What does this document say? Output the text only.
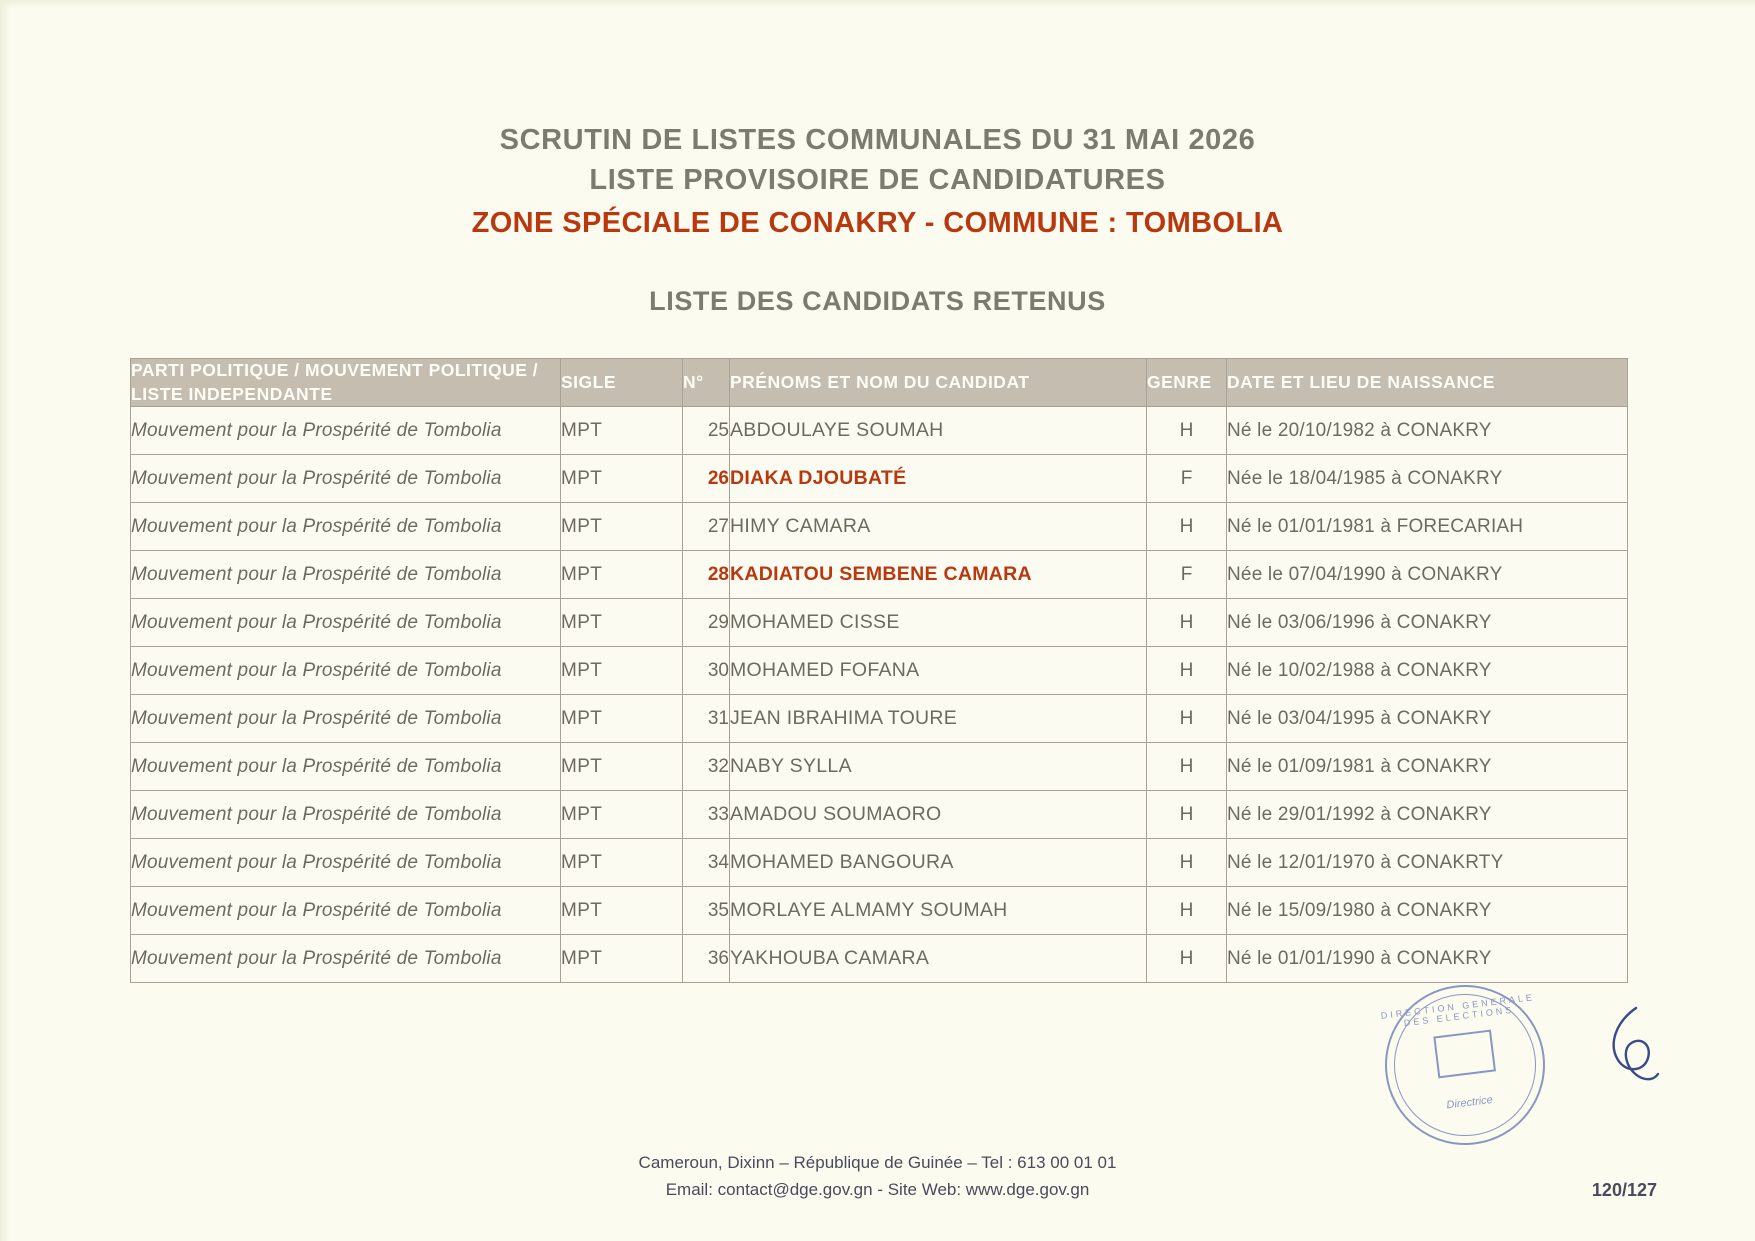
SCRUTIN DE LISTES COMMUNALES DU 31 MAI 2026
LISTE PROVISOIRE DE CANDIDATURES
ZONE SPÉCIALE DE CONAKRY - COMMUNE : TOMBOLIA
LISTE DES CANDIDATS RETENUS
PARTI POLITIQUE / MOUVEMENT POLITIQUE / LISTE INDEPENDANTE	SIGLE	N°	PRÉNOMS ET NOM DU CANDIDAT	GENRE	DATE ET LIEU DE NAISSANCE
Mouvement pour la Prospérité de Tombolia	MPT	25	ABDOULAYE SOUMAH	H	Né le 20/10/1982 à CONAKRY
Mouvement pour la Prospérité de Tombolia	MPT	26	DIAKA DJOUBATÉ	F	Née le 18/04/1985 à CONAKRY
Mouvement pour la Prospérité de Tombolia	MPT	27	HIMY CAMARA	H	Né le 01/01/1981 à FORECARIAH
Mouvement pour la Prospérité de Tombolia	MPT	28	KADIATOU SEMBENE CAMARA	F	Née le 07/04/1990 à CONAKRY
Mouvement pour la Prospérité de Tombolia	MPT	29	MOHAMED CISSE	H	Né le 03/06/1996 à CONAKRY
Mouvement pour la Prospérité de Tombolia	MPT	30	MOHAMED FOFANA	H	Né le 10/02/1988 à CONAKRY
Mouvement pour la Prospérité de Tombolia	MPT	31	JEAN IBRAHIMA TOURE	H	Né le 03/04/1995 à CONAKRY
Mouvement pour la Prospérité de Tombolia	MPT	32	NABY SYLLA	H	Né le 01/09/1981 à CONAKRY
Mouvement pour la Prospérité de Tombolia	MPT	33	AMADOU SOUMAORO	H	Né le 29/01/1992 à CONAKRY
Mouvement pour la Prospérité de Tombolia	MPT	34	MOHAMED BANGOURA	H	Né le 12/01/1970 à CONAKRTY
Mouvement pour la Prospérité de Tombolia	MPT	35	MORLAYE ALMAMY SOUMAH	H	Né le 15/09/1980 à CONAKRY
Mouvement pour la Prospérité de Tombolia	MPT	36	YAKHOUBA CAMARA	H	Né le 01/01/1990 à CONAKRY
DIRECTION GENERALE DES ELECTIONS
Directrice
Cameroun, Dixinn – République de Guinée – Tel : 613 00 01 01
Email: contact@dge.gov.gn - Site Web: www.dge.gov.gn	120/127
